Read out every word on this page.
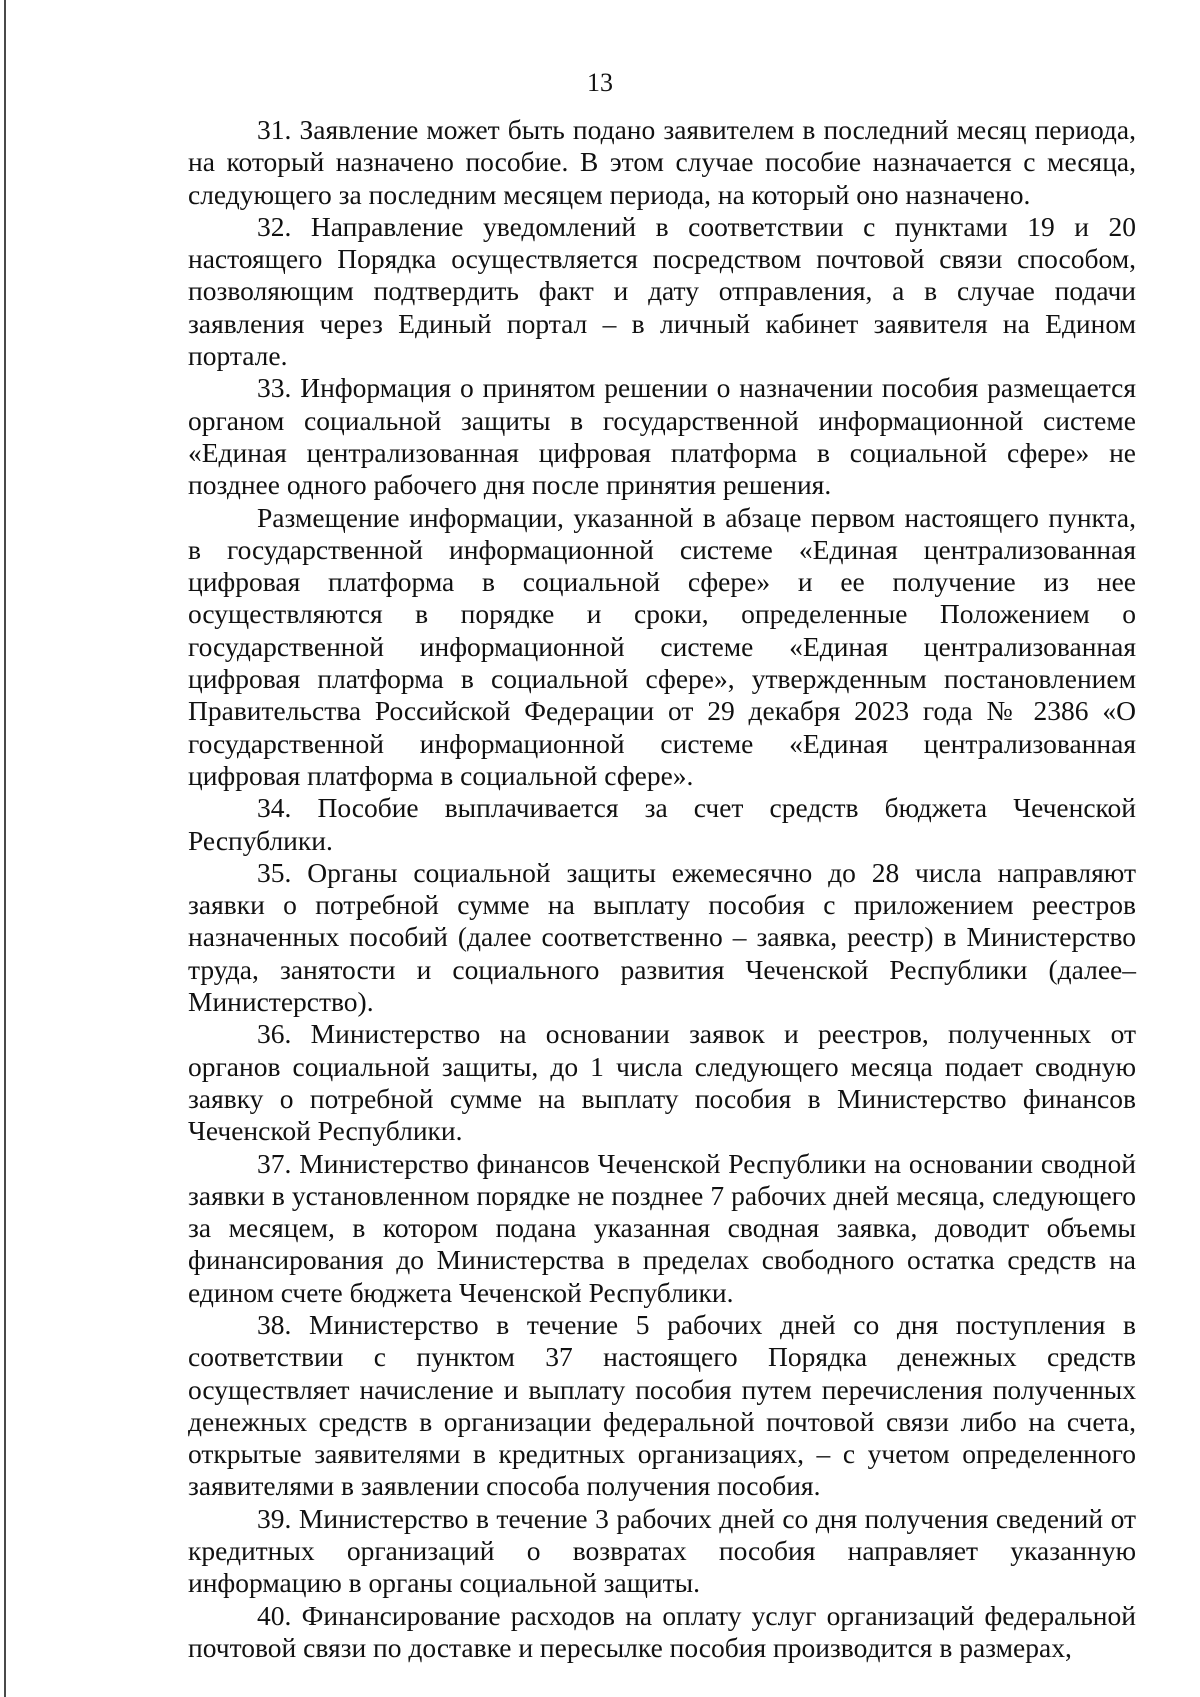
13

31. Заявление может быть подано заявителем в последний месяц периода, на который назначено пособие. В этом случае пособие назначается с месяца, следующего за последним месяцем периода, на который оно назначено.

32. Направление уведомлений в соответствии с пунктами 19 и 20 настоящего Порядка осуществляется посредством почтовой связи способом, позволяющим подтвердить факт и дату отправления, а в случае подачи заявления через Единый портал – в личный кабинет заявителя на Едином портале.

33. Информация о принятом решении о назначении пособия размещается органом социальной защиты в государственной информационной системе «Единая централизованная цифровая платформа в социальной сфере» не позднее одного рабочего дня после принятия решения.

Размещение информации, указанной в абзаце первом настоящего пункта, в государственной информационной системе «Единая централизованная цифровая платформа в социальной сфере» и ее получение из нее осуществляются в порядке и сроки, определенные Положением о государственной информационной системе «Единая централизованная цифровая платформа в социальной сфере», утвержденным постановлением Правительства Российской Федерации от 29 декабря 2023 года № 2386 «О государственной информационной системе «Единая централизованная цифровая платформа в социальной сфере».

34. Пособие выплачивается за счет средств бюджета Чеченской Республики.

35. Органы социальной защиты ежемесячно до 28 числа направляют заявки о потребной сумме на выплату пособия с приложением реестров назначенных пособий (далее соответственно – заявка, реестр) в Министерство труда, занятости и социального развития Чеченской Республики (далее– Министерство).

36. Министерство на основании заявок и реестров, полученных от органов социальной защиты, до 1 числа следующего месяца подает сводную заявку о потребной сумме на выплату пособия в Министерство финансов Чеченской Республики.

37. Министерство финансов Чеченской Республики на основании сводной заявки в установленном порядке не позднее 7 рабочих дней месяца, следующего за месяцем, в котором подана указанная сводная заявка, доводит объемы финансирования до Министерства в пределах свободного остатка средств на едином счете бюджета Чеченской Республики.

38. Министерство в течение 5 рабочих дней со дня поступления в соответствии с пунктом 37 настоящего Порядка денежных средств осуществляет начисление и выплату пособия путем перечисления полученных денежных средств в организации федеральной почтовой связи либо на счета, открытые заявителями в кредитных организациях, – с учетом определенного заявителями в заявлении способа получения пособия.

39. Министерство в течение 3 рабочих дней со дня получения сведений от кредитных организаций о возвратах пособия направляет указанную информацию в органы социальной защиты.

40. Финансирование расходов на оплату услуг организаций федеральной почтовой связи по доставке и пересылке пособия производится в размерах,
